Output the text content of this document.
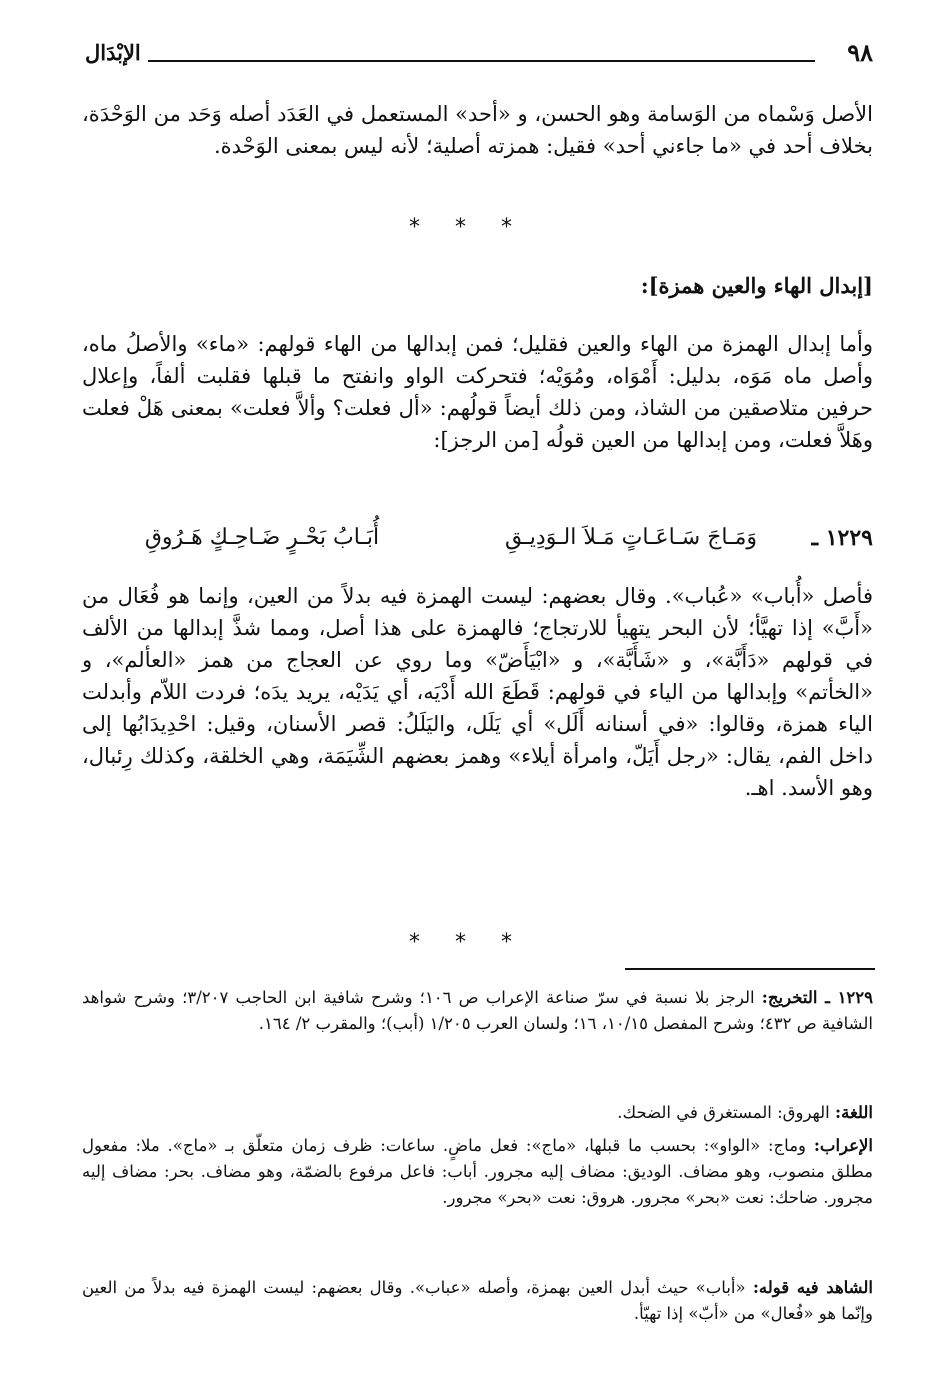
٩٨
الإبْدَال

الأصل وَسْماه من الوَسامة وهو الحسن، و «أحد» المستعمل في العَدَد أصله وَحَد من الوَحْدَة، بخلاف أحد في «ما جاءني أحد» فقيل: همزته أصلية؛ لأنه ليس بمعنى الوَحْدة.

* * *
[إبدال الهاء والعين همزة]:

وأما إبدال الهمزة من الهاء والعين فقليل؛ فمن إبدالها من الهاء قولهم: «ماء» والأصلُ ماه، وأصل ماه مَوَه، بدليل: أَمْوَاه، ومُوَيْه؛ فتحركت الواو وانفتح ما قبلها فقلبت ألفاً، وإعلال حرفين متلاصقين من الشاذ، ومن ذلك أيضاً قولُهم: «أل فعلت؟ وألاَّ فعلت» بمعنى هَلْ فعلت وهَلاَّ فعلت، ومن إبدالها من العين قولُه [من الرجز]:

١٢٢٩ ـ
وَمَـاجَ سَـاعَـاتٍ مَـلاَ الـوَدِيـقِ
أُبَـابُ بَحْـرٍ ضَـاحِـكٍ هَـرُوقِ

فأصل «أُباب» «عُباب». وقال بعضهم: ليست الهمزة فيه بدلاً من العين، وإنما هو فُعَال من «أَبَّ» إذا تهيَّأ؛ لأن البحر يتهيأ للارتجاج؛ فالهمزة على هذا أصل، ومما شذَّ إبدالها من الألف في قولهم «دَأَبَّة»، و «شَأَبَّة»، و «ابْيَأَضّ» وما روي عن العجاج من همز «العألم»، و «الخأتم» وإبدالها من الياء في قولهم: قَطَعَ الله أَدْيَه، أي يَدَيْه، يريد يدَه؛ فردت اللاّم وأبدلت الياء همزة، وقالوا: «في أسنانه أَلَل» أي يَلَل، واليَلَلُ: قصر الأسنان، وقيل: احْدِيدَابُها إلى داخل الفم، يقال: «رجل أَيَلّ، وامرأة أيلاء» وهمز بعضهم الشِّيَمَة، وهي الخلقة، وكذلك رِئبال، وهو الأسد. اهـ.

* * *

١٢٢٩ ـ التخريج: الرجز بلا نسبة في سرّ صناعة الإعراب ص ١٠٦؛ وشرح شافية ابن الحاجب ٣/٢٠٧؛ وشرح شواهد الشافية ص ٤٣٢؛ وشرح المفصل ١٠/١٥، ١٦؛ ولسان العرب ١/٢٠٥ (أبب)؛ والمقرب ٢/ ١٦٤.

اللغة: الهروق: المستغرق في الضحك.

الإعراب: وماج: «الواو»: بحسب ما قبلها، «ماج»: فعل ماضٍ. ساعات: ظرف زمان متعلّق بـ «ماج». ملا: مفعول مطلق منصوب، وهو مضاف. الوديق: مضاف إليه مجرور. أباب: فاعل مرفوع بالضمّة، وهو مضاف. بحر: مضاف إليه مجرور. ضاحك: نعت «بحر» مجرور. هروق: نعت «بحر» مجرور.

الشاهد فيه قوله: «أباب» حيث أبدل العين بهمزة، وأصله «عباب». وقال بعضهم: ليست الهمزة فيه بدلاً من العين وإنّما هو «فُعال» من «أبّ» إذا تهيّأ.
